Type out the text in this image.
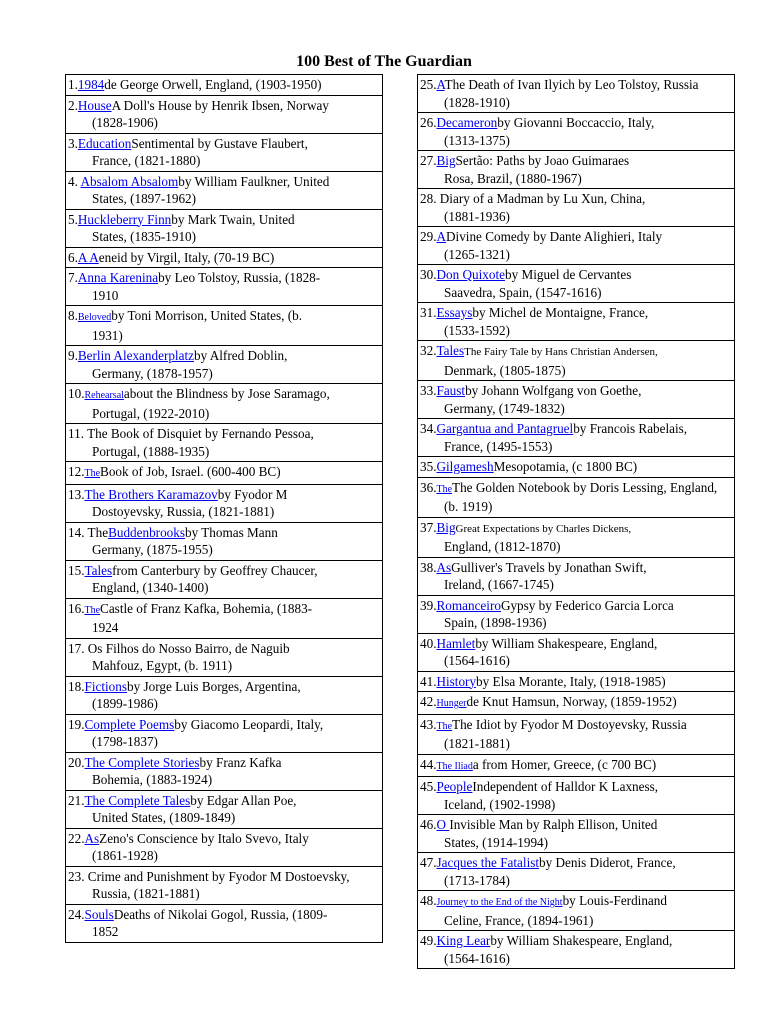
100 Best of The Guardian
1.1984de George Orwell, England, (1903-1950)
2.HouseA Doll's House by Henrik Ibsen, Norway
(1828-1906)
3.EducationSentimental by Gustave Flaubert,
France, (1821-1880)
4. Absalom Absalomby William Faulkner, United
States, (1897-1962)
5.Huckleberry Finnby Mark Twain, United
States, (1835-1910)
6.A Aeneid by Virgil, Italy, (70-19 BC)
7.Anna Kareninaby Leo Tolstoy, Russia, (1828-
1910
8.Belovedby Toni Morrison, United States, (b.
1931)
9.Berlin Alexanderplatzby Alfred Doblin,
Germany, (1878-1957)
10.Rehearsalabout the Blindness by Jose Saramago,
Portugal, (1922-2010)
11. The Book of Disquiet by Fernando Pessoa,
Portugal, (1888-1935)
12.TheBook of Job, Israel. (600-400 BC)
13.The Brothers Karamazovby Fyodor M
Dostoyevsky, Russia, (1821-1881)
14. TheBuddenbrooksby Thomas Mann
Germany, (1875-1955)
15.Talesfrom Canterbury by Geoffrey Chaucer,
England, (1340-1400)
16.TheCastle of Franz Kafka, Bohemia, (1883-
1924
17. Os Filhos do Nosso Bairro, de Naguib
Mahfouz, Egypt, (b. 1911)
18.Fictionsby Jorge Luis Borges, Argentina,
(1899-1986)
19.Complete Poemsby Giacomo Leopardi, Italy,
(1798-1837)
20.The Complete Storiesby Franz Kafka
Bohemia, (1883-1924)
21.The Complete Talesby Edgar Allan Poe,
United States, (1809-1849)
22.AsZeno's Conscience by Italo Svevo, Italy
(1861-1928)
23. Crime and Punishment by Fyodor M Dostoevsky,
Russia, (1821-1881)
24.SoulsDeaths of Nikolai Gogol, Russia, (1809-
1852
25.AThe Death of Ivan Ilyich by Leo Tolstoy, Russia
(1828-1910)
26.Decameronby Giovanni Boccaccio, Italy,
(1313-1375)
27.BigSertão: Paths by Joao Guimaraes
Rosa, Brazil, (1880-1967)
28. Diary of a Madman by Lu Xun, China,
(1881-1936)
29.ADivine Comedy by Dante Alighieri, Italy
(1265-1321)
30.Don Quixoteby Miguel de Cervantes
Saavedra, Spain, (1547-1616)
31.Essaysby Michel de Montaigne, France,
(1533-1592)
32.TalesThe Fairy Tale by Hans Christian Andersen,
Denmark, (1805-1875)
33.Faustby Johann Wolfgang von Goethe,
Germany, (1749-1832)
34.Gargantua and Pantagruelby Francois Rabelais,
France, (1495-1553)
35.GilgameshMesopotamia, (c 1800 BC)
36.TheThe Golden Notebook by Doris Lessing, England,
(b. 1919)
37.BigGreat Expectations by Charles Dickens,
England, (1812-1870)
38.AsGulliver's Travels by Jonathan Swift,
Ireland, (1667-1745)
39.RomanceiroGypsy by Federico Garcia Lorca
Spain, (1898-1936)
40.Hamletby William Shakespeare, England,
(1564-1616)
41.Historyby Elsa Morante, Italy, (1918-1985)
42.Hungerde Knut Hamsun, Norway, (1859-1952)
43.TheThe Idiot by Fyodor M Dostoyevsky, Russia
(1821-1881)
44.The Iliada from Homer, Greece, (c 700 BC)
45.PeopleIndependent of Halldor K Laxness,
Iceland, (1902-1998)
46.O Invisible Man by Ralph Ellison, United
States, (1914-1994)
47.Jacques the Fatalistby Denis Diderot, France,
(1713-1784)
48.Journey to the End of the Nightby Louis-Ferdinand
Celine, France, (1894-1961)
49.King Learby William Shakespeare, England,
(1564-1616)
